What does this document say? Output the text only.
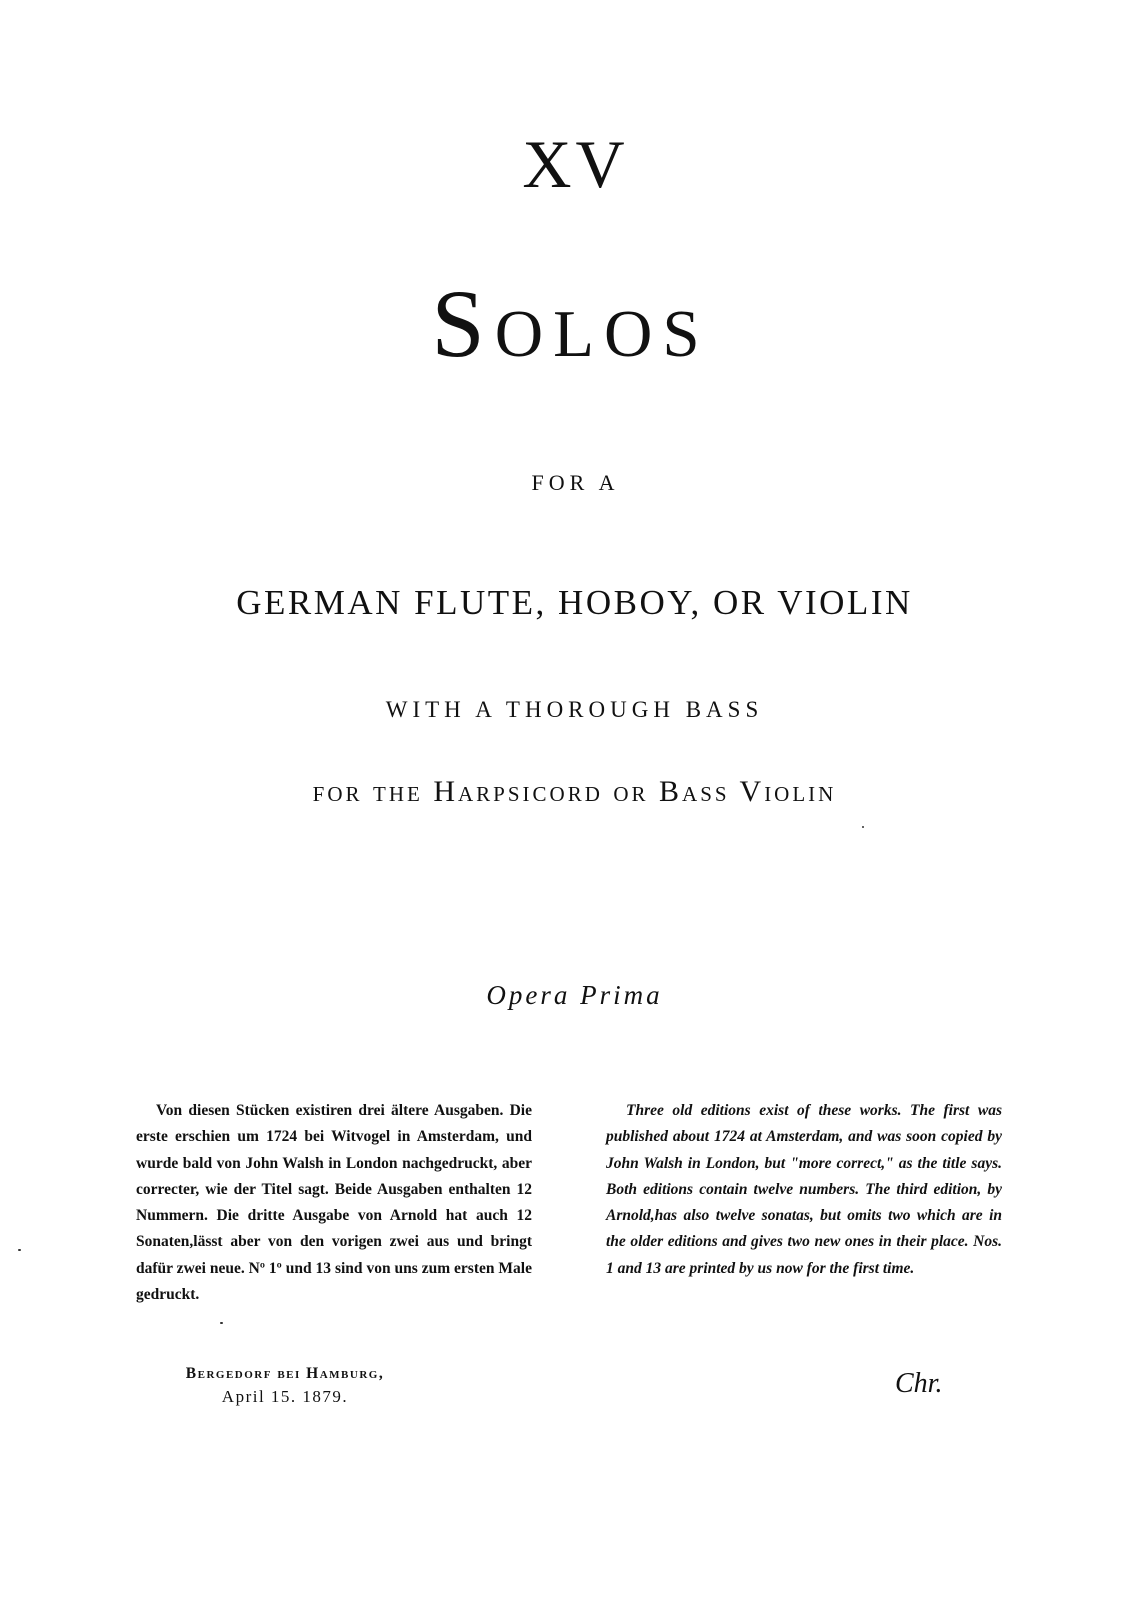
XV
Solos
FOR A
GERMAN FLUTE, HOBOY, OR VIOLIN
WITH A THOROUGH BASS
for the Harpsicord or Bass Violin
Opera Prima

Von diesen Stücken existiren drei ältere Ausgaben. Die erste erschien um 1724 bei Witvogel in Amsterdam, und wurde bald von John Walsh in London nachgedruckt, aber correcter, wie der Titel sagt. Beide Ausgaben enthalten 12 Nummern. Die dritte Ausgabe von Arnold hat auch 12 Sonaten,lässt aber von den vorigen zwei aus und bringt dafür zwei neue. Nº 1º und 13 sind von uns zum ersten Male gedruckt.

Three old editions exist of these works. The first was published about 1724 at Amsterdam, and was soon copied by John Walsh in London, but "more correct," as the title says. Both editions contain twelve numbers. The third edition, by Arnold,has also twelve sonatas, but omits two which are in the older editions and gives two new ones in their place. Nos. 1 and 13 are printed by us now for the first time.

Bergedorf bei Hamburg,
April 15. 1879.	Chr.
